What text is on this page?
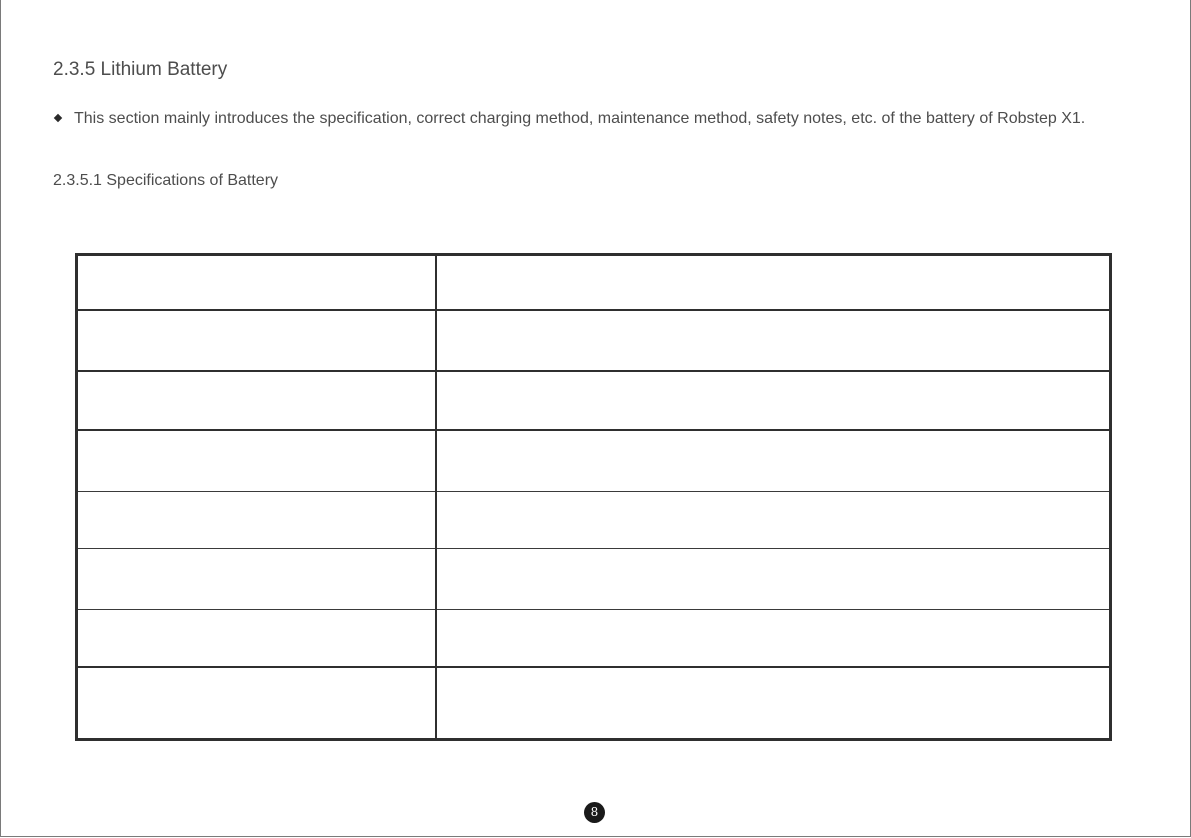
2.3.5 Lithium Battery
This section mainly introduces the specification, correct charging method, maintenance method, safety notes, etc. of the battery of Robstep X1.
2.3.5.1 Specifications of Battery

8
